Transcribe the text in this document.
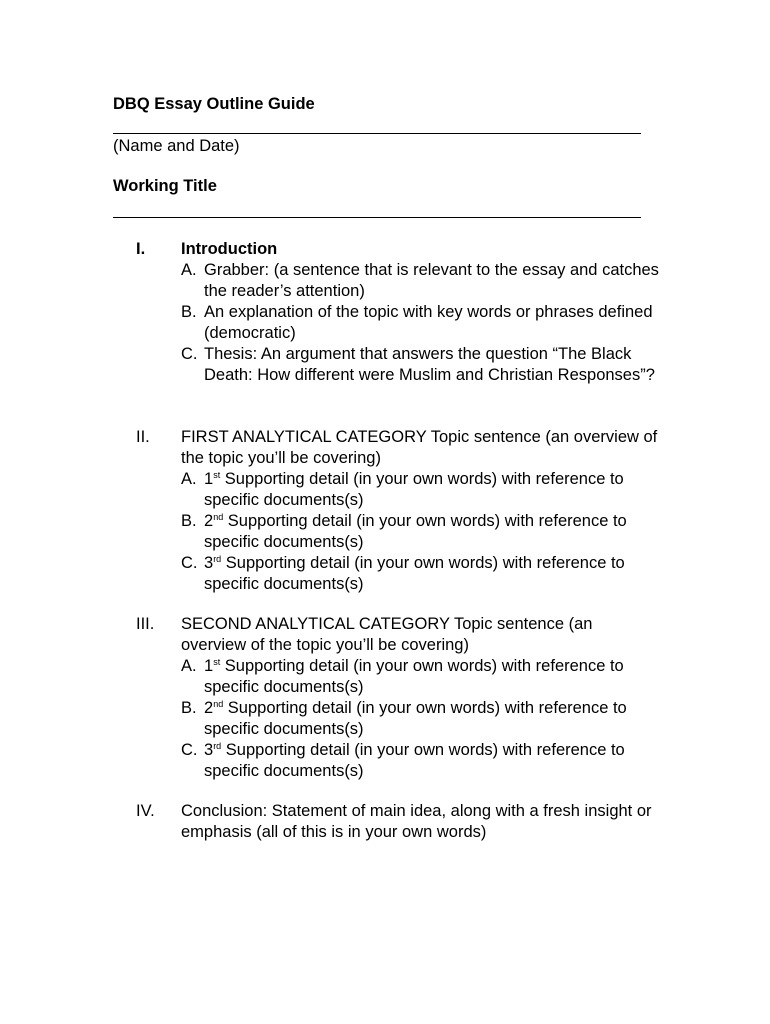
DBQ Essay Outline Guide
(Name and Date)
Working Title
I. Introduction
A. Grabber: (a sentence that is relevant to the essay and catches the reader’s attention)
B. An explanation of the topic with key words or phrases defined (democratic)
C. Thesis: An argument that answers the question “The Black Death: How different were Muslim and Christian Responses”?
II. FIRST ANALYTICAL CATEGORY Topic sentence (an overview of the topic you’ll be covering)
A. 1st Supporting detail (in your own words) with reference to specific documents(s)
B. 2nd Supporting detail (in your own words) with reference to specific documents(s)
C. 3rd Supporting detail (in your own words) with reference to specific documents(s)
III. SECOND ANALYTICAL CATEGORY Topic sentence (an overview of the topic you’ll be covering)
A. 1st Supporting detail (in your own words) with reference to specific documents(s)
B. 2nd Supporting detail (in your own words) with reference to specific documents(s)
C. 3rd Supporting detail (in your own words) with reference to specific documents(s)
IV. Conclusion: Statement of main idea, along with a fresh insight or emphasis (all of this is in your own words)
